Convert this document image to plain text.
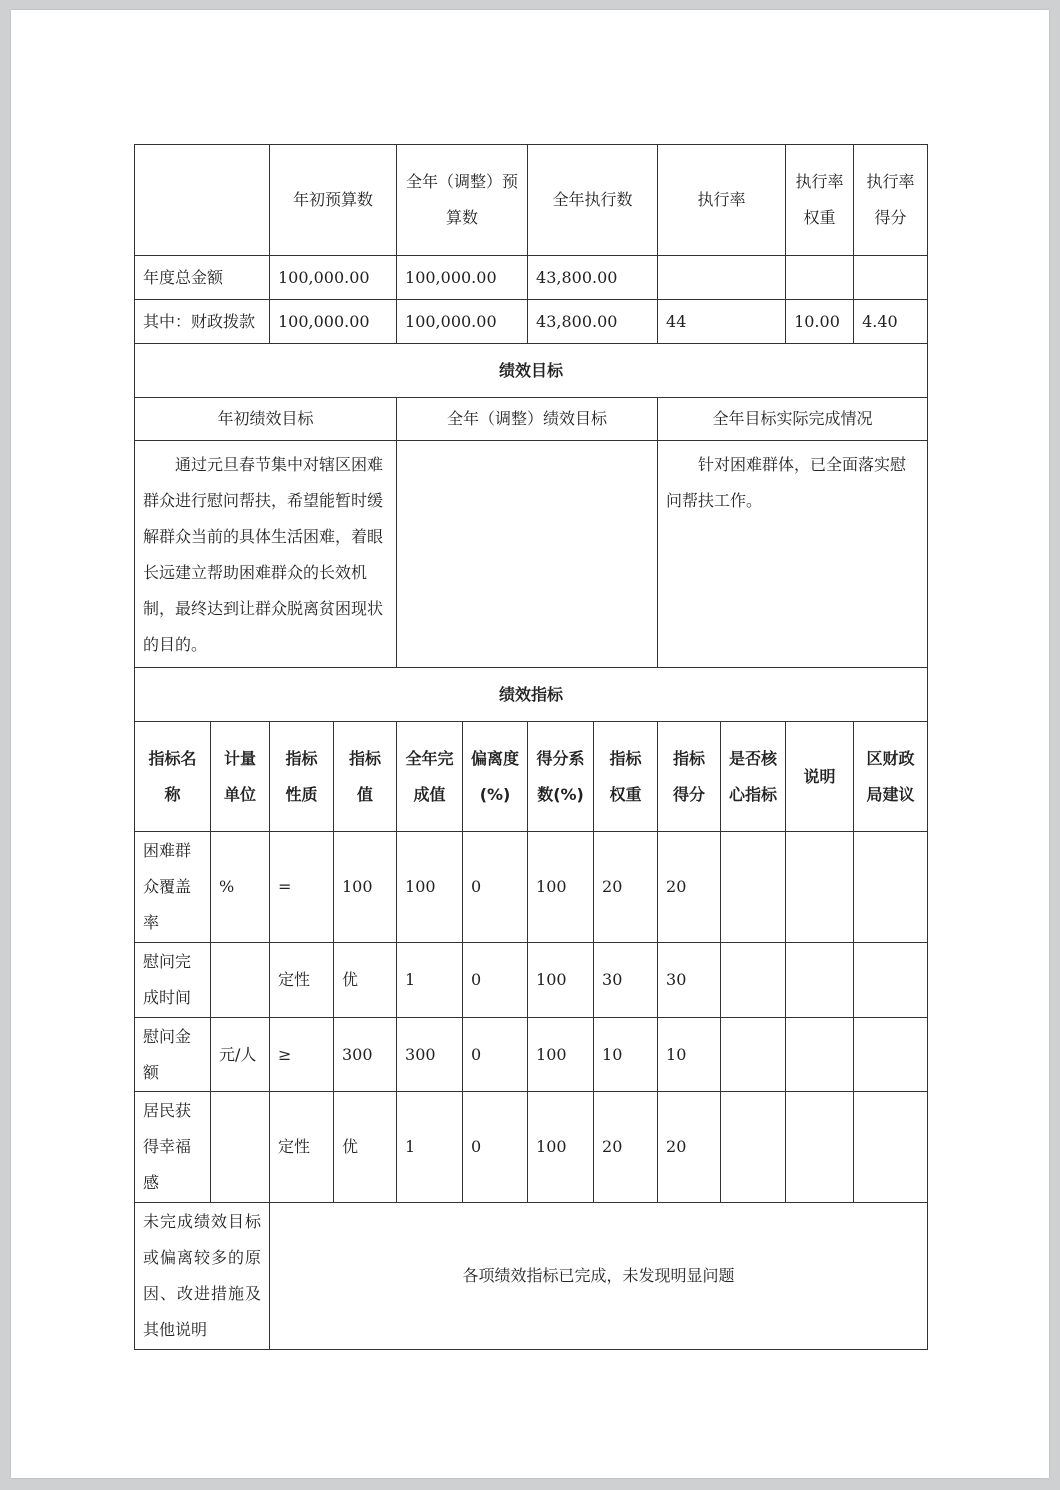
		年初预算数		全年（调整）预算数		全年执行数		执行率		执行率权重	执行率得分
年度总金额		100,000.00		100,000.00		43,800.00					
其中：财政拨款		100,000.00		100,000.00		43,800.00		44		10.00	4.40
绩效目标											
年初绩效目标				全年（调整）绩效目标				全年目标实际完成情况			
通过元旦春节集中对辖区困难群众进行慰问帮扶，希望能暂时缓解群众当前的具体生活困难，着眼长远建立帮助困难群众的长效机制，最终达到让群众脱离贫困现状的目的。								针对困难群体，已全面落实慰问帮扶工作。			
绩效指标											
指标名称	计量单位	指标性质	指标值	全年完成值	偏离度(%)	得分系数(%)	指标权重	指标得分	是否核心指标	说明	区财政局建议
困难群众覆盖率	%	=	100	100	0	100	20	20			
慰问完成时间		定性	优	1	0	100	30	30			
慰问金额	元/人	≥	300	300	0	100	10	10			
居民获得幸福感		定性	优	1	0	100	20	20			
未完成绩效目标或偏离较多的原因、改进措施及其他说明		各项绩效指标已完成，未发现明显问题									
